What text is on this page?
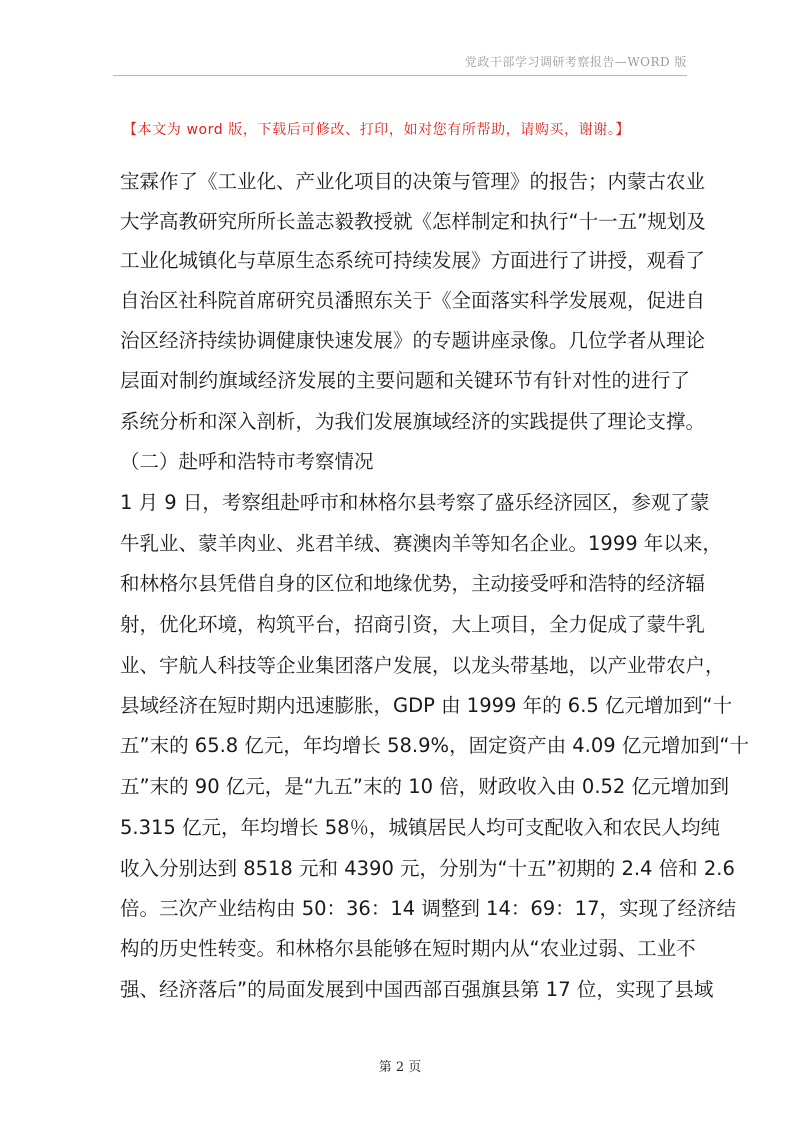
党政干部学习调研考察报告—WORD 版
【本文为 word 版，下载后可修改、打印，如对您有所帮助，请购买，谢谢。】
宝霖作了《工业化、产业化项目的决策与管理》的报告；内蒙古农业
大学高教研究所所长盖志毅教授就《怎样制定和执行“十一五”规划及
工业化城镇化与草原生态系统可持续发展》方面进行了讲授，观看了
自治区社科院首席研究员潘照东关于《全面落实科学发展观，促进自
治区经济持续协调健康快速发展》的专题讲座录像。几位学者从理论
层面对制约旗域经济发展的主要问题和关键环节有针对性的进行了
系统分析和深入剖析，为我们发展旗域经济的实践提供了理论支撑。
（二）赴呼和浩特市考察情况
1 月 9 日，考察组赴呼市和林格尔县考察了盛乐经济园区，参观了蒙
牛乳业、蒙羊肉业、兆君羊绒、赛澳肉羊等知名企业。1999 年以来，
和林格尔县凭借自身的区位和地缘优势，主动接受呼和浩特的经济辐
射，优化环境，构筑平台，招商引资，大上项目，全力促成了蒙牛乳
业、宇航人科技等企业集团落户发展，以龙头带基地，以产业带农户，
县域经济在短时期内迅速膨胀，GDP 由 1999 年的 6.5 亿元增加到“十
五”末的 65.8 亿元，年均增长 58.9%，固定资产由 4.09 亿元增加到“十
五”末的 90 亿元，是“九五”末的 10 倍，财政收入由 0.52 亿元增加到
5.315 亿元，年均增长 58％，城镇居民人均可支配收入和农民人均纯
收入分别达到 8518 元和 4390 元，分别为“十五”初期的 2.4 倍和 2.6
倍。三次产业结构由 50：36：14 调整到 14：69：17，实现了经济结
构的历史性转变。和林格尔县能够在短时期内从“农业过弱、工业不
强、经济落后”的局面发展到中国西部百强旗县第 17 位，实现了县域
第 2 页
